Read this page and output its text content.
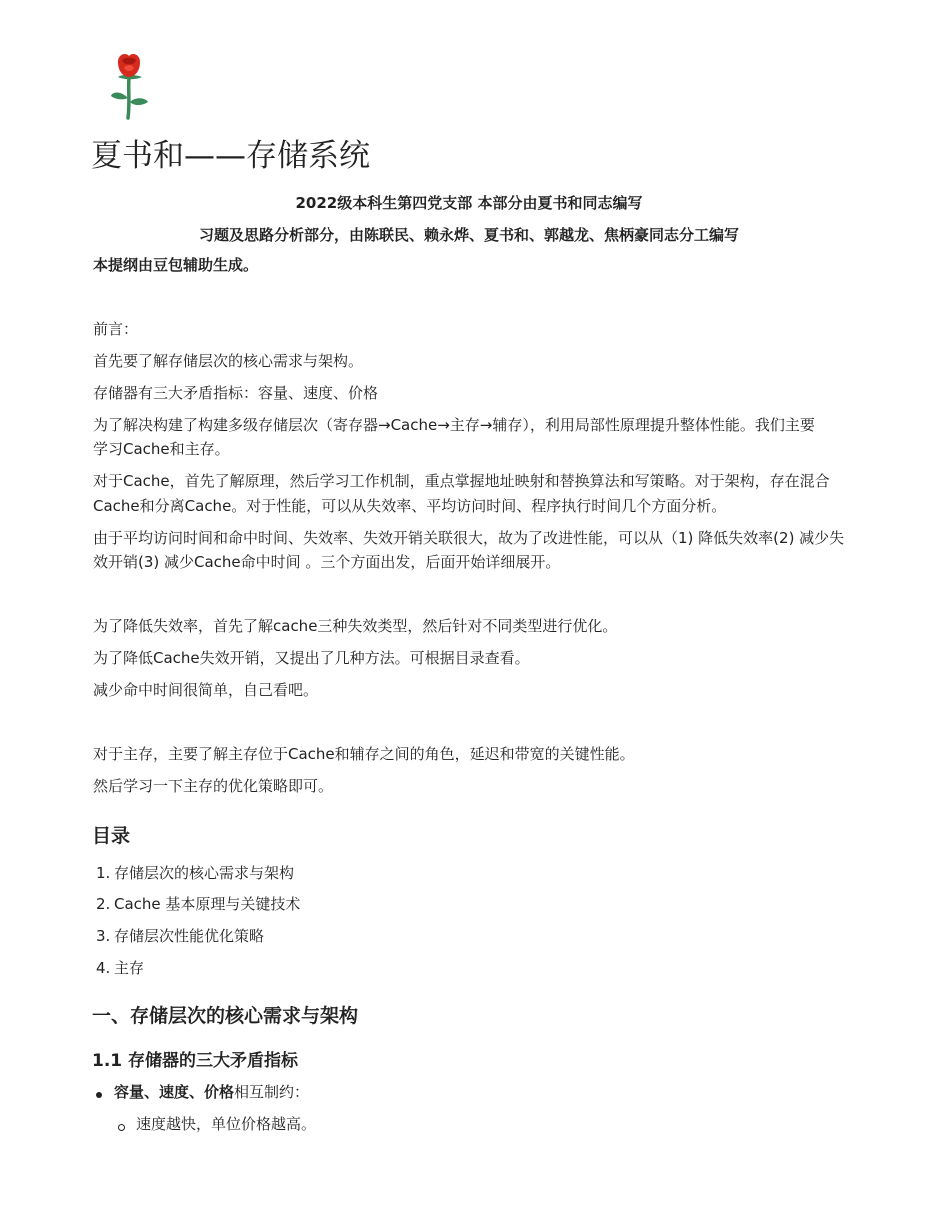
夏书和——存储系统

2022级本科生第四党支部 本部分由夏书和同志编写

习题及思路分析部分，由陈联民、赖永烨、夏书和、郭越龙、焦柄豪同志分工编写

本提纲由豆包辅助生成。

前言：

首先要了解存储层次的核心需求与架构。

存储器有三大矛盾指标：容量、速度、价格

为了解决构建了构建多级存储层次（寄存器→Cache→主存→辅存），利用局部性原理提升整体性能。我们主要

学习Cache和主存。

对于Cache，首先了解原理，然后学习工作机制，重点掌握地址映射和替换算法和写策略。对于架构，存在混合

Cache和分离Cache。对于性能，可以从失效率、平均访问时间、程序执行时间几个方面分析。

由于平均访问时间和命中时间、失效率、失效开销关联很大，故为了改进性能，可以从（1) 降低失效率(2) 减少失

效开销(3) 减少Cache命中时间 。三个方面出发，后面开始详细展开。

为了降低失效率，首先了解cache三种失效类型，然后针对不同类型进行优化。

为了降低Cache失效开销，又提出了几种方法。可根据目录查看。

减少命中时间很简单，自己看吧。

对于主存，主要了解主存位于Cache和辅存之间的角色，延迟和带宽的关键性能。

然后学习一下主存的优化策略即可。

目录

1. 存储层次的核心需求与架构

2. Cache 基本原理与关键技术

3. 存储层次性能优化策略

4. 主存

一、存储层次的核心需求与架构
1.1 存储器的三大矛盾指标

容量、速度、价格相互制约：

速度越快，单位价格越高。
